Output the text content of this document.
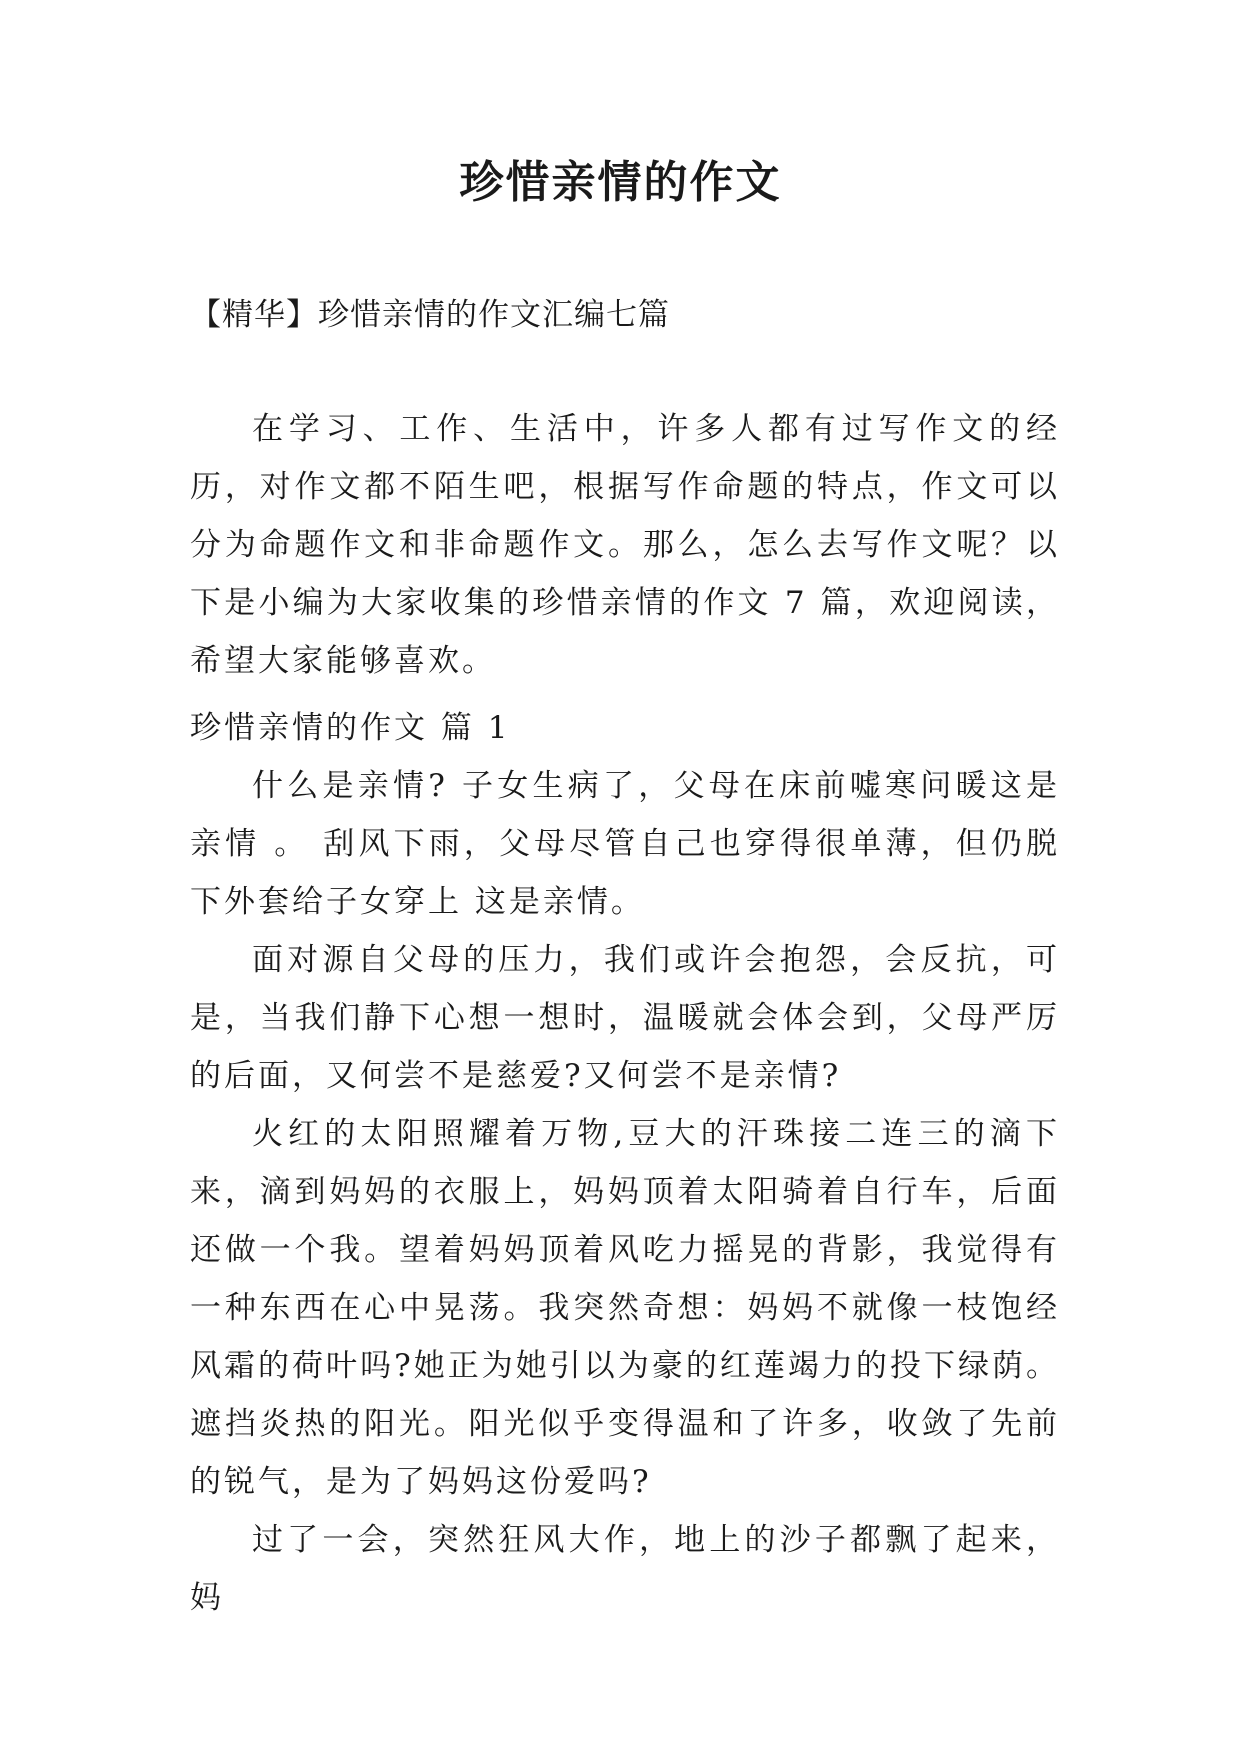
珍惜亲情的作文
【精华】珍惜亲情的作文汇编七篇

在学习、工作、生活中，许多人都有过写作文的经历，对作文都不陌生吧，根据写作命题的特点，作文可以分为命题作文和非命题作文。那么，怎么去写作文呢？以下是小编为大家收集的珍惜亲情的作文 7 篇，欢迎阅读，希望大家能够喜欢。

珍惜亲情的作文 篇 1

什么是亲情? 子女生病了，父母在床前嘘寒问暖这是亲情 。 刮风下雨，父母尽管自己也穿得很单薄，但仍脱下外套给子女穿上 这是亲情。

面对源自父母的压力，我们或许会抱怨，会反抗，可是，当我们静下心想一想时，温暖就会体会到，父母严厉的后面，又何尝不是慈爱?又何尝不是亲情?

火红的太阳照耀着万物,豆大的汗珠接二连三的滴下来，滴到妈妈的衣服上，妈妈顶着太阳骑着自行车，后面还做一个我。望着妈妈顶着风吃力摇晃的背影，我觉得有一种东西在心中晃荡。我突然奇想：妈妈不就像一枝饱经风霜的荷叶吗?她正为她引以为豪的红莲竭力的投下绿荫。遮挡炎热的阳光。阳光似乎变得温和了许多，收敛了先前的锐气，是为了妈妈这份爱吗?

过了一会，突然狂风大作，地上的沙子都飘了起来，妈
